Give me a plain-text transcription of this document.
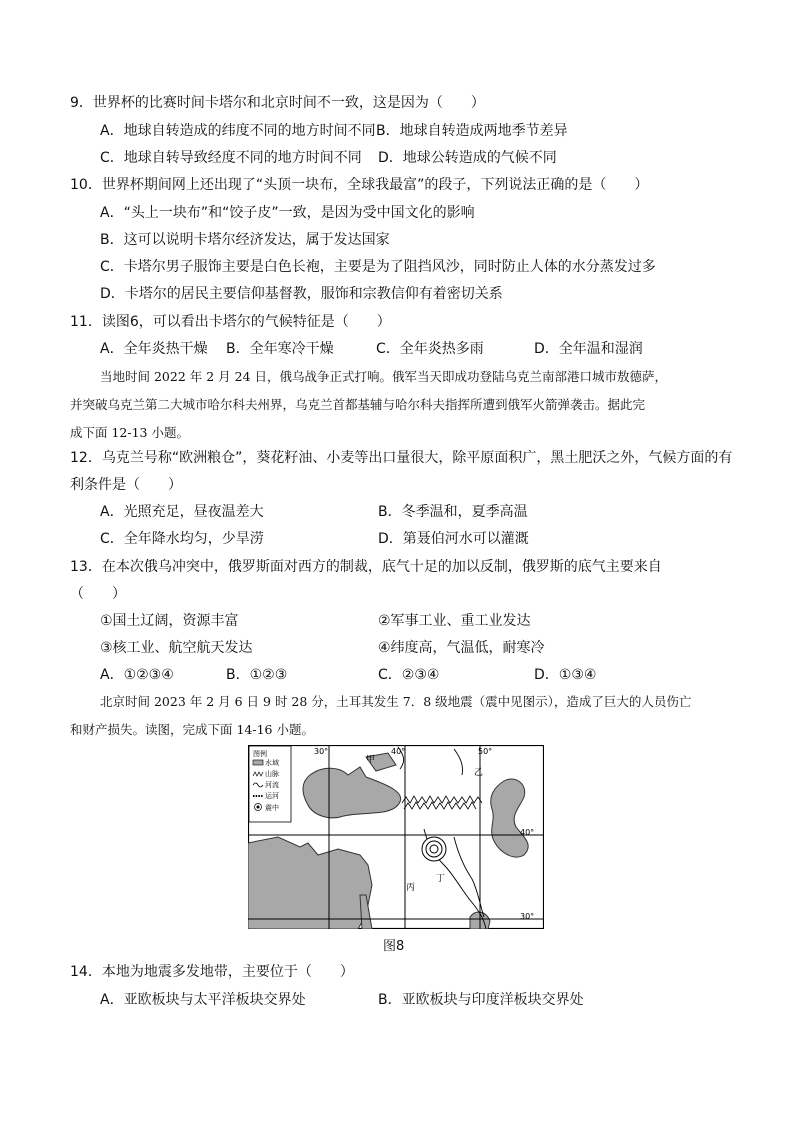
9．世界杯的比赛时间卡塔尔和北京时间不一致，这是因为（　　）
A．地球自转造成的纬度不同的地方时间不同 B．地球自转造成两地季节差异
C．地球自转导致经度不同的地方时间不同 D．地球公转造成的气候不同
10．世界杯期间网上还出现了“头顶一块布，全球我最富”的段子，下列说法正确的是（　　）
A．“头上一块布”和“饺子皮”一致，是因为受中国文化的影响
B．这可以说明卡塔尔经济发达，属于发达国家
C．卡塔尔男子服饰主要是白色长袍，主要是为了阻挡风沙，同时防止人体的水分蒸发过多
D．卡塔尔的居民主要信仰基督教，服饰和宗教信仰有着密切关系
11．读图6，可以看出卡塔尔的气候特征是（　　）
A．全年炎热干燥 B．全年寒冷干燥	C．全年炎热多雨	D．全年温和湿润
当地时间 2022 年 2 月 24 日，俄乌战争正式打响。俄军当天即成功登陆乌克兰南部港口城市敖德萨，
并突破乌克兰第二大城市哈尔科夫州界，乌克兰首都基辅与哈尔科夫指挥所遭到俄军火箭弹袭击。据此完
成下面 12-13 小题。
12．乌克兰号称“欧洲粮仓”，葵花籽油、小麦等出口量很大，除平原面积广，黑土肥沃之外，气候方面的有
利条件是（　　）
A．光照充足，昼夜温差大	B．冬季温和，夏季高温
C．全年降水均匀，少旱涝	D．第聂伯河水可以灌溉
13．在本次俄乌冲突中，俄罗斯面对西方的制裁，底气十足的加以反制，俄罗斯的底气主要来自
（　　）
①国土辽阔，资源丰富	②军事工业、重工业发达
③核工业、航空航天发达	④纬度高，气温低，耐寒冷
A．①②③④	B．①②③	C．②③④	D．①③④
北京时间 2023 年 2 月 6 日 9 时 28 分，土耳其发生 7．8 级地震（震中见图示），造成了巨大的人员伤亡
和财产损失。读图，完成下面 14-16 小题。
图例
水域
山脉
河流
运河
震中
30°	40°	50°
40°
30°
甲
乙
丙
丁
图8
14．本地为地震多发地带，主要位于（　　）
A．亚欧板块与太平洋板块交界处	B．亚欧板块与印度洋板块交界处
